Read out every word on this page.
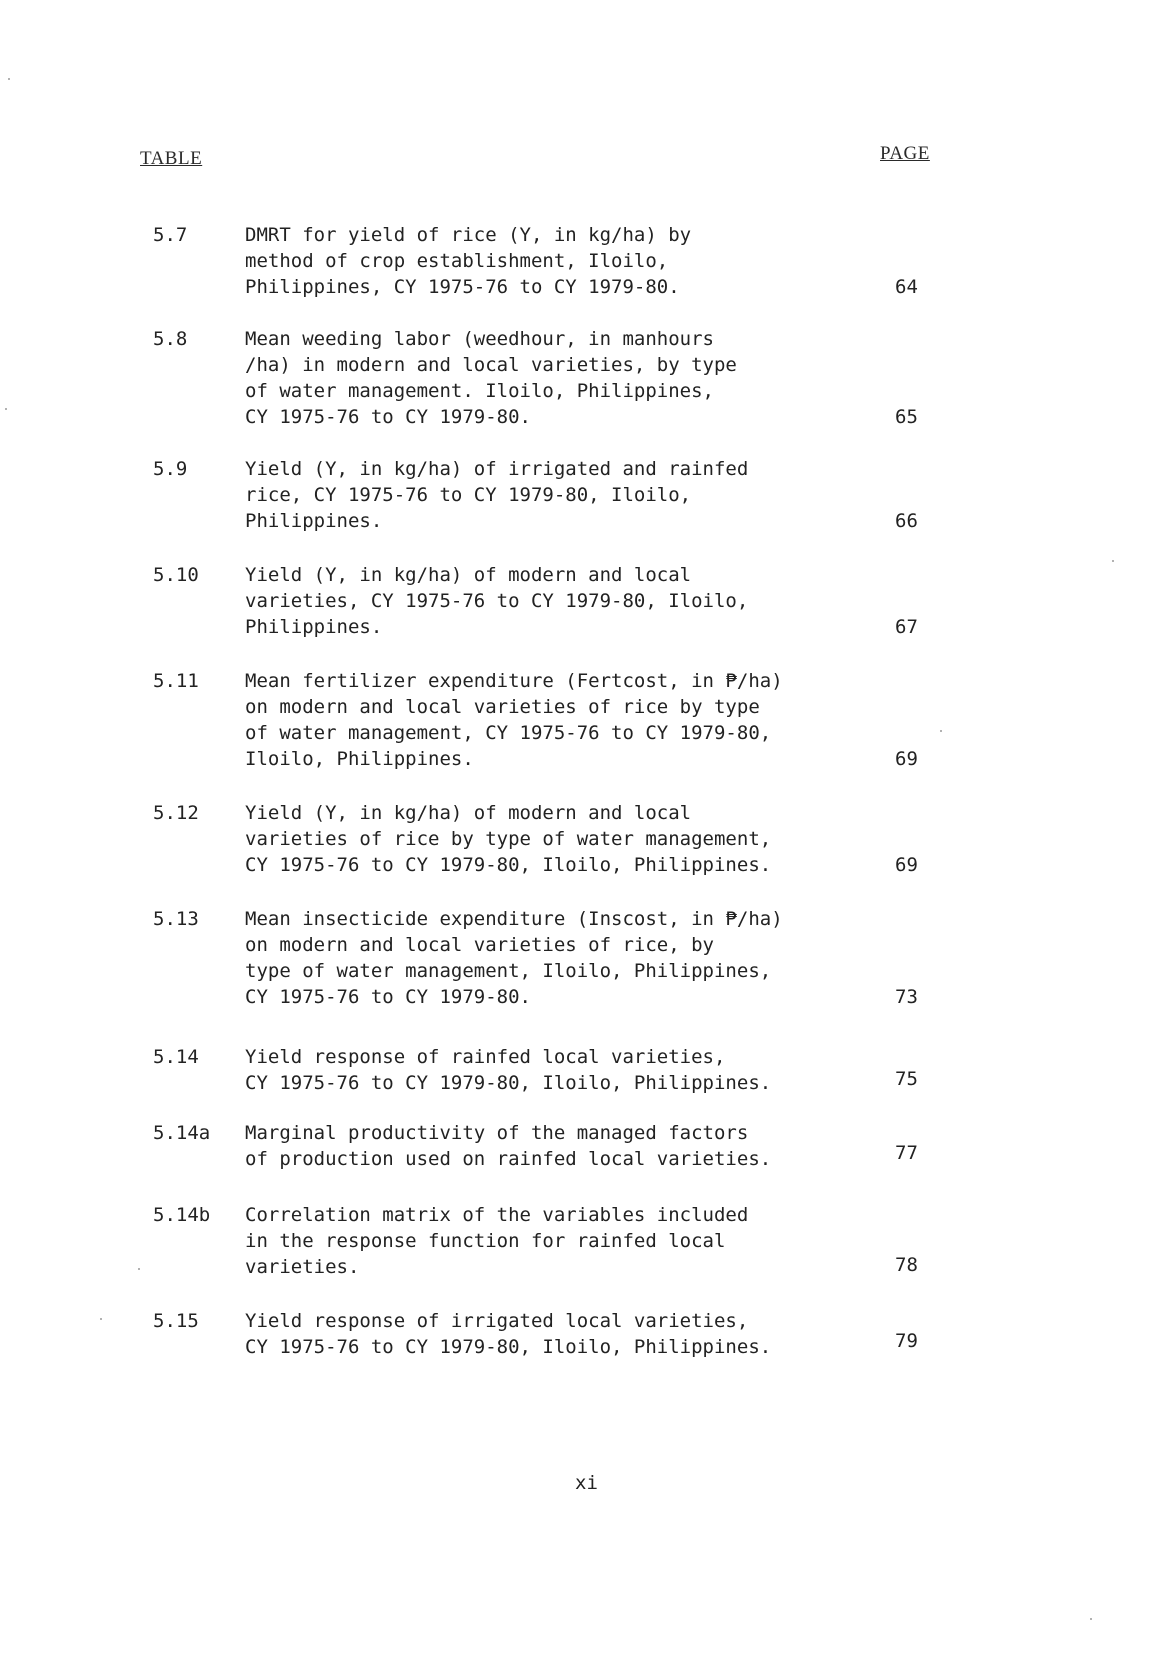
TABLE	PAGE
5.7	DMRT for yield of rice (Y, in kg/ha) by
method of crop establishment, Iloilo,
Philippines, CY 1975-76 to CY 1979-80.	64
5.8	Mean weeding labor (weedhour, in manhours
/ha) in modern and local varieties, by type
of water management. Iloilo, Philippines,
CY 1975-76 to CY 1979-80.	65
5.9	Yield (Y, in kg/ha) of irrigated and rainfed
rice, CY 1975-76 to CY 1979-80, Iloilo,
Philippines.	66
5.10 Yield (Y, in kg/ha) of modern and local
varieties, CY 1975-76 to CY 1979-80, Iloilo,
Philippines.	67
5.11 Mean fertilizer expenditure (Fertcost, in ₱/ha)
on modern and local varieties of rice by type
of water management, CY 1975-76 to CY 1979-80,
Iloilo, Philippines.	69
5.12 Yield (Y, in kg/ha) of modern and local
varieties of rice by type of water management,
CY 1975-76 to CY 1979-80, Iloilo, Philippines.	69
5.13 Mean insecticide expenditure (Inscost, in ₱/ha)
on modern and local varieties of rice, by
type of water management, Iloilo, Philippines,
CY 1975-76 to CY 1979-80.	73
5.14 Yield response of rainfed local varieties,
CY 1975-76 to CY 1979-80, Iloilo, Philippines.	75
5.14a Marginal productivity of the managed factors
of production used on rainfed local varieties.	77
5.14b Correlation matrix of the variables included
in the response function for rainfed local
varieties.	78
5.15 Yield response of irrigated local varieties,
CY 1975-76 to CY 1979-80, Iloilo, Philippines.	79
xi
